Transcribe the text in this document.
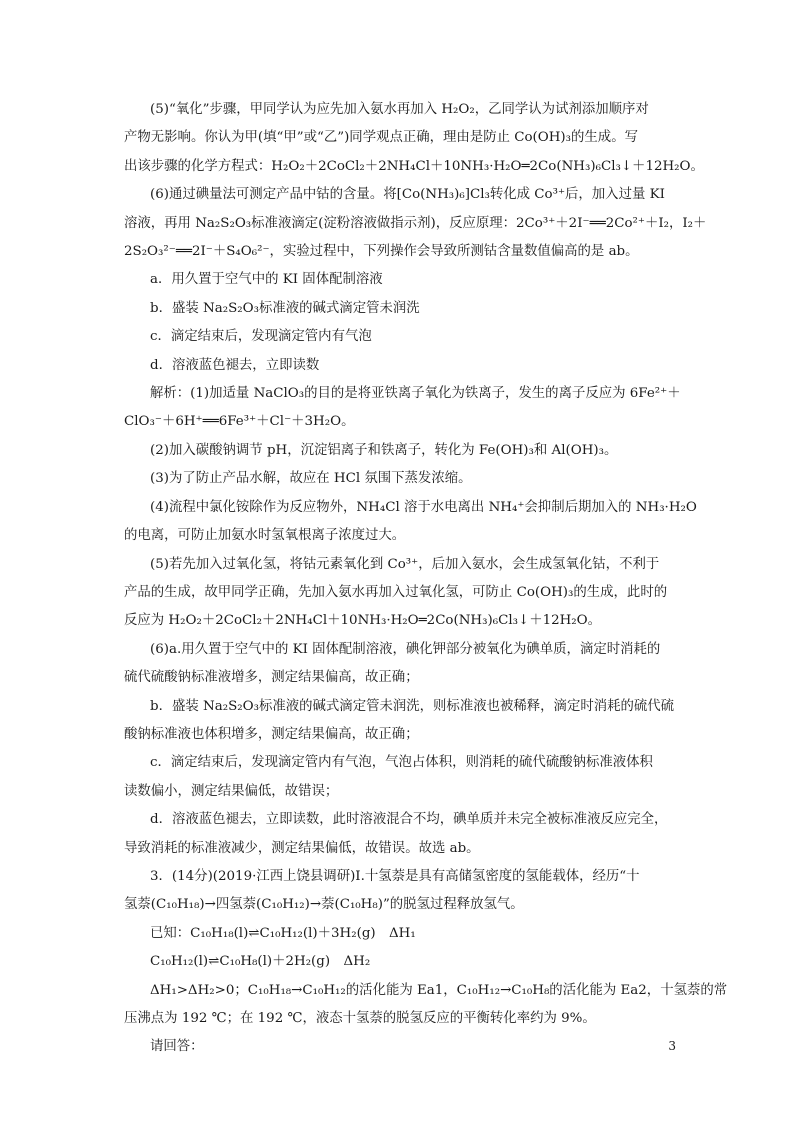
(5)“氧化”步骤，甲同学认为应先加入氨水再加入 H₂O₂，乙同学认为试剂添加顺序对

产物无影响。你认为甲(填“甲”或“乙”)同学观点正确，理由是防止 Co(OH)₃的生成。写

出该步骤的化学方程式：H₂O₂＋2CoCl₂＋2NH₄Cl＋10NH₃·H₂O═2Co(NH₃)₆Cl₃↓＋12H₂O。

(6)通过碘量法可测定产品中钴的含量。将[Co(NH₃)₆]Cl₃转化成 Co³⁺后，加入过量 KI

溶液，再用 Na₂S₂O₃标准液滴定(淀粉溶液做指示剂)，反应原理：2Co³⁺＋2I⁻══2Co²⁺＋I₂，I₂＋

2S₂O₃²⁻══2I⁻＋S₄O₆²⁻，实验过程中，下列操作会导致所测钴含量数值偏高的是 ab。

a．用久置于空气中的 KI 固体配制溶液

b．盛装 Na₂S₂O₃标准液的碱式滴定管未润洗

c．滴定结束后，发现滴定管内有气泡

d．溶液蓝色褪去，立即读数

解析：(1)加适量 NaClO₃的目的是将亚铁离子氧化为铁离子，发生的离子反应为 6Fe²⁺＋

ClO₃⁻＋6H⁺══6Fe³⁺＋Cl⁻＋3H₂O。

(2)加入碳酸钠调节 pH，沉淀铝离子和铁离子，转化为 Fe(OH)₃和 Al(OH)₃。

(3)为了防止产品水解，故应在 HCl 氛围下蒸发浓缩。

(4)流程中氯化铵除作为反应物外，NH₄Cl 溶于水电离出 NH₄⁺会抑制后期加入的 NH₃·H₂O

的电离，可防止加氨水时氢氧根离子浓度过大。

(5)若先加入过氧化氢，将钴元素氧化到 Co³⁺，后加入氨水，会生成氢氧化钴，不利于

产品的生成，故甲同学正确，先加入氨水再加入过氧化氢，可防止 Co(OH)₃的生成，此时的

反应为 H₂O₂＋2CoCl₂＋2NH₄Cl＋10NH₃·H₂O═2Co(NH₃)₆Cl₃↓＋12H₂O。

(6)a.用久置于空气中的 KI 固体配制溶液，碘化钾部分被氧化为碘单质，滴定时消耗的

硫代硫酸钠标准液增多，测定结果偏高，故正确；

b．盛装 Na₂S₂O₃标准液的碱式滴定管未润洗，则标准液也被稀释，滴定时消耗的硫代硫

酸钠标准液也体积增多，测定结果偏高，故正确；

c．滴定结束后，发现滴定管内有气泡，气泡占体积，则消耗的硫代硫酸钠标准液体积

读数偏小，测定结果偏低，故错误；

d．溶液蓝色褪去，立即读数，此时溶液混合不均，碘单质并未完全被标准液反应完全，

导致消耗的标准液减少，测定结果偏低，故错误。故选 ab。

3．(14分)(2019·江西上饶县调研)Ⅰ.十氢萘是具有高储氢密度的氢能载体，经历“十

氢萘(C₁₀H₁₈)→四氢萘(C₁₀H₁₂)→萘(C₁₀H₈)”的脱氢过程释放氢气。

已知：C₁₀H₁₈(l)⇌C₁₀H₁₂(l)＋3H₂(g)　ΔH₁

C₁₀H₁₂(l)⇌C₁₀H₈(l)＋2H₂(g)　ΔH₂

ΔH₁>ΔH₂>0；C₁₀H₁₈→C₁₀H₁₂的活化能为 Ea1，C₁₀H₁₂→C₁₀H₈的活化能为 Ea2，十氢萘的常

压沸点为 192 ℃；在 192 ℃，液态十氢萘的脱氢反应的平衡转化率约为 9%。

请回答：	3
